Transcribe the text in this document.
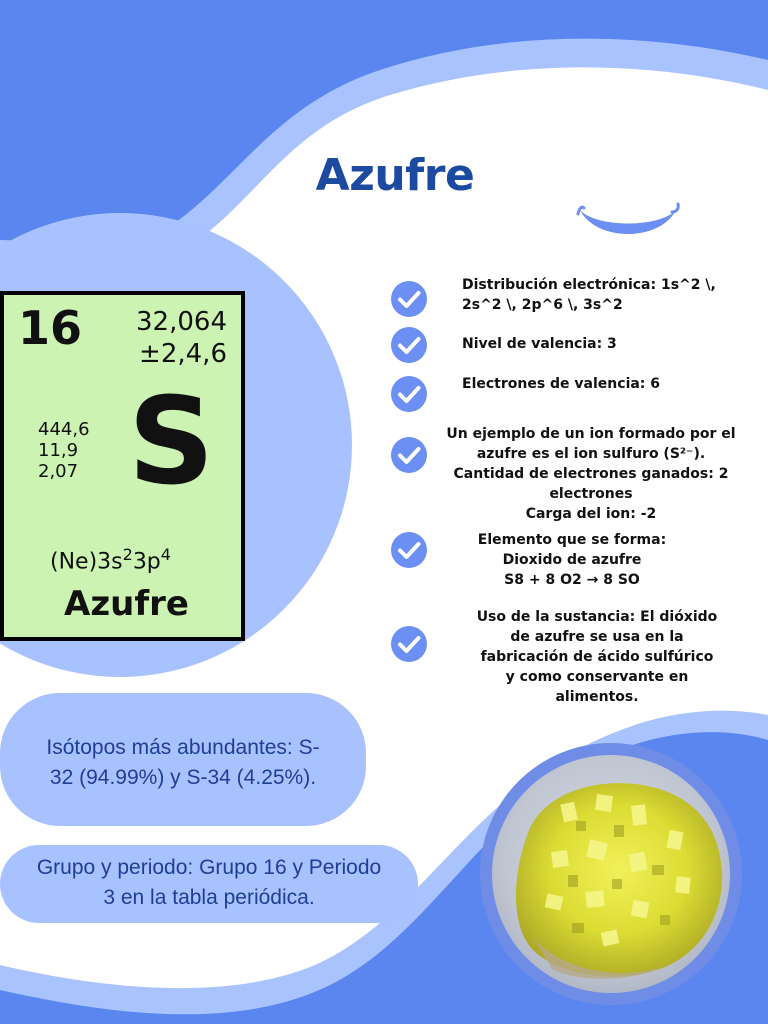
Azufre
16 32,064
±2,4,6
444,6
11,9
2,07 S
$(Ne)3s^23p^4$
Azufre
Distribución electrónica: 1s^2 \,
2s^2 \, 2p^6 \, 3s^2
Nivel de valencia: 3
Electrones de valencia: 6
Un ejemplo de un ion formado por el
azufre es el ion sulfuro (S²⁻).
Cantidad de electrones ganados: 2
electrones
Carga del ion: -2
Elemento que se forma:
Dioxido de azufre
S8 + 8 O2 → 8 SO
Uso de la sustancia: El dióxido
de azufre se usa en la
fabricación de ácido sulfúrico
y como conservante en
alimentos.
Isótopos más abundantes: S-
32 (94.99%) y S-34 (4.25%).
Grupo y periodo: Grupo 16 y Periodo
3 en la tabla periódica.
